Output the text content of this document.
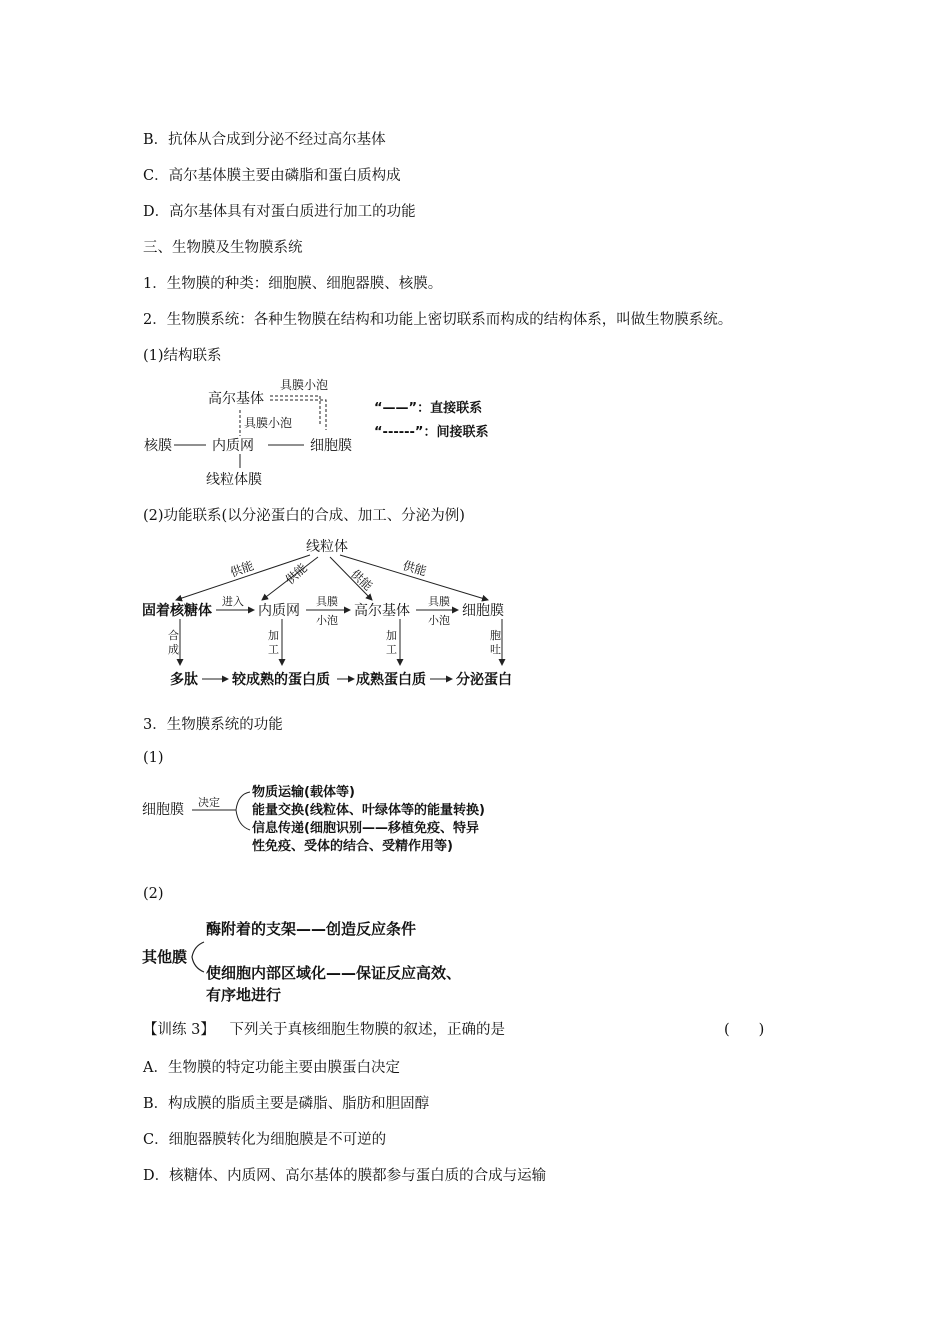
B．抗体从合成到分泌不经过高尔基体
C．高尔基体膜主要由磷脂和蛋白质构成
D．高尔基体具有对蛋白质进行加工的功能
三、生物膜及生物膜系统
1．生物膜的种类：细胞膜、细胞器膜、核膜。
2．生物膜系统：各种生物膜在结构和功能上密切联系而构成的结构体系，叫做生物膜系统。
(1)结构联系
高尔基体
具膜小泡
具膜小泡
核膜	内质网	细胞膜
线粒体膜
“——”：直接联系
“------”：间接联系
(2)功能联系(以分泌蛋白的合成、加工、分泌为例)
线粒体
供能 供能	供能 供能
固着核糖体
进入
内质网
具膜
小泡
高尔基体
具膜
小泡
细胞膜
合
成
加
工
加
工
胞
吐
多肽 较成熟的蛋白质 成熟蛋白质 分泌蛋白
3．生物膜系统的功能
(1)
细胞膜 决定
物质运输(载体等)
能量交换(线粒体、叶绿体等的能量转换)
信息传递(细胞识别——移植免疫、特异
性免疫、受体的结合、受精作用等)
(2)
其他膜
酶附着的支架——创造反应条件
使细胞内部区域化——保证反应高效、
有序地进行
【训练 3】 下列关于真核细胞生物膜的叙述，正确的是	(　　)
A．生物膜的特定功能主要由膜蛋白决定
B．构成膜的脂质主要是磷脂、脂肪和胆固醇
C．细胞器膜转化为细胞膜是不可逆的
D．核糖体、内质网、高尔基体的膜都参与蛋白质的合成与运输
